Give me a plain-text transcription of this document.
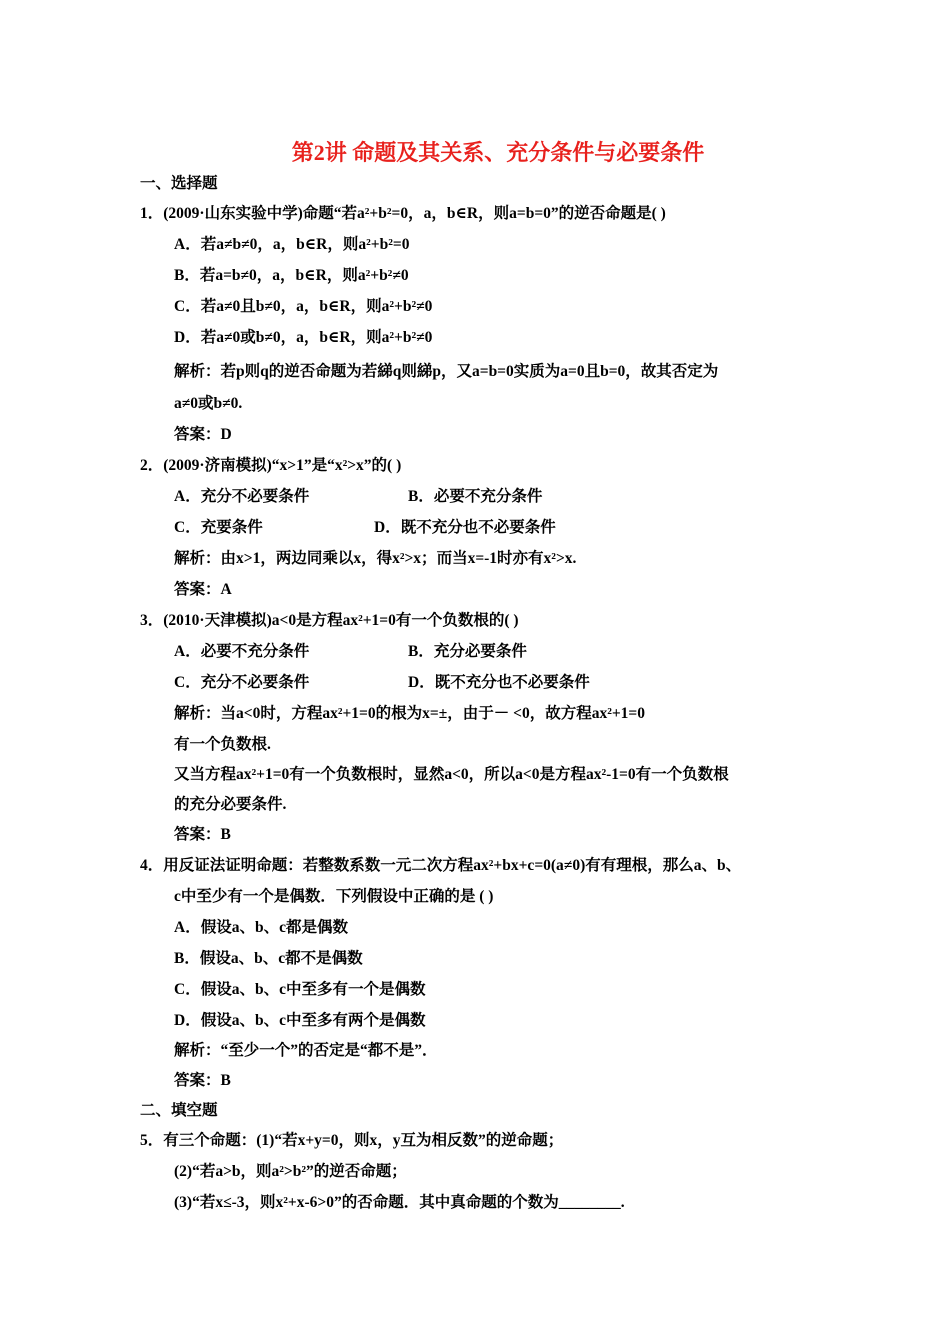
第2讲 命题及其关系、充分条件与必要条件
一、选择题
1．(2009·山东实验中学)命题“若a²+b²=0，a，b∈R，则a=b=0”的逆否命题是( )
A．若a≠b≠0，a，b∈R，则a²+b²=0
B．若a=b≠0，a，b∈R，则a²+b²≠0
C．若a≠0且b≠0，a，b∈R，则a²+b²≠0
D．若a≠0或b≠0，a，b∈R，则a²+b²≠0
解析：若p则q的逆否命题为若綈q则綈p，又a=b=0实质为a=0且b=0，故其否定为
a≠0或b≠0.
答案：D
2．(2009·济南模拟)“x>1”是“x²>x”的( )
A．充分不必要条件	B．必要不充分条件
C．充要条件	D．既不充分也不必要条件
解析：由x>1，两边同乘以x，得x²>x；而当x=-1时亦有x²>x.
答案：A
3．(2010·天津模拟)a<0是方程ax²+1=0有一个负数根的( )
A．必要不充分条件	B．充分必要条件
C．充分不必要条件	D．既不充分也不必要条件
解析：当a<0时，方程ax²+1=0的根为x=±，由于－ <0，故方程ax²+1=0
有一个负数根.
又当方程ax²+1=0有一个负数根时，显然a<0，所以a<0是方程ax²-1=0有一个负数根
的充分必要条件.
答案：B
4．用反证法证明命题：若整数系数一元二次方程ax²+bx+c=0(a≠0)有有理根，那么a、b、
c中至少有一个是偶数．下列假设中正确的是 ( )
A．假设a、b、c都是偶数
B．假设a、b、c都不是偶数
C．假设a、b、c中至多有一个是偶数
D．假设a、b、c中至多有两个是偶数
解析：“至少一个”的否定是“都不是”．
答案：B
二、填空题
5．有三个命题：(1)“若x+y=0，则x，y互为相反数”的逆命题；
(2)“若a>b，则a²>b²”的逆否命题；
(3)“若x≤-3，则x²+x-6>0”的否命题．其中真命题的个数为________.
